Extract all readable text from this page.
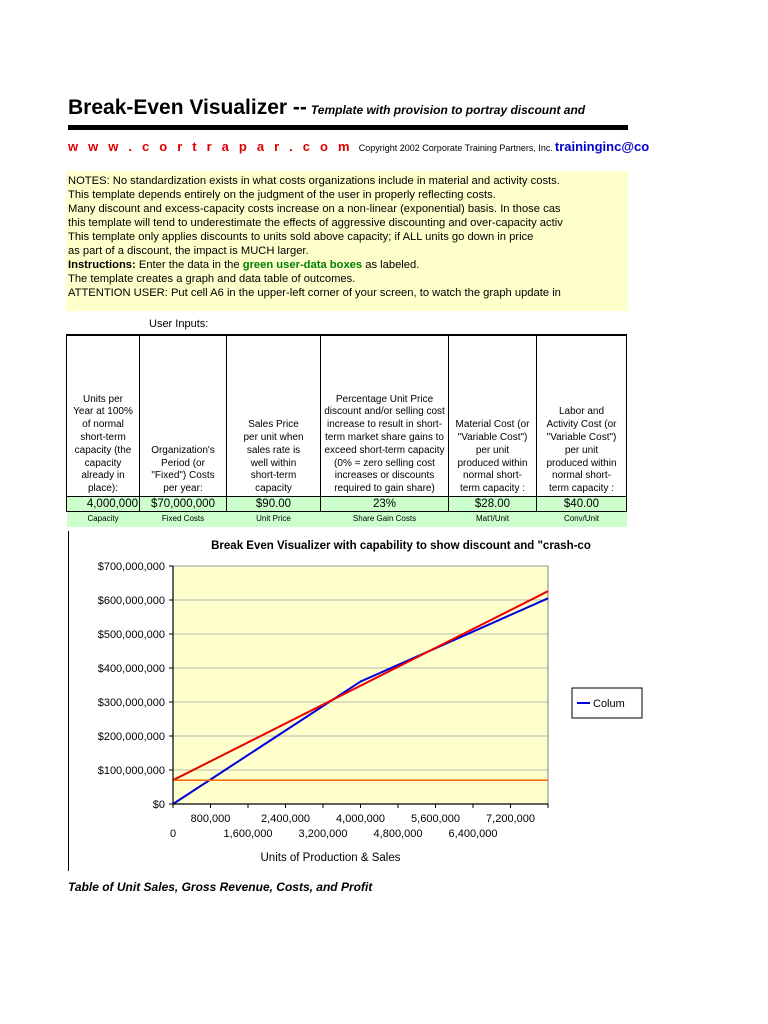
Break-Even Visualizer -- Template with provision to portray discount and
w w w . c o r t r a p a r . c o m Copyright 2002 Corporate Training Partners, Inc. traininginc@co
NOTES: No standardization exists in what costs organizations include in material and activity costs.
This template depends entirely on the judgment of the user in properly reflecting costs.
Many discount and excess-capacity costs increase on a non-linear (exponential) basis. In those cas
this template will tend to underestimate the effects of aggressive discounting and over-capacity activ
This template only applies discounts to units sold above capacity; if ALL units go down in price
as part of a discount, the impact is MUCH larger.
Instructions: Enter the data in the green user-data boxes as labeled.
The template creates a graph and data table of outcomes.
ATTENTION USER: Put cell A6 in the upper-left corner of your screen, to watch the graph update in
User Inputs:
Units per Year at 100% of normal short-term capacity (the capacity already in place):	Organization's Period (or "Fixed") Costs per year:	Sales Price per unit when sales rate is well within short-term capacity	Percentage Unit Price discount and/or selling cost increase to result in short-term market share gains to exceed short-term capacity (0% = zero selling cost increases or discounts required to gain share)	Material Cost (or "Variable Cost") per unit produced within normal short-term capacity :	Labor and Activity Cost (or "Variable Cost") per unit produced within normal short-term capacity :
4,000,000	$70,000,000	$90.00	23%	$28.00	$40.00
Capacity	Fixed Costs	Unit Price	Share Gain Costs	Mat'l/Unit	Conv/Unit
Break Even Visualizer with capability to show discount and "crash-co
$0
$100,000,000
$200,000,000
$300,000,000
$400,000,000
$500,000,000
$600,000,000
$700,000,000
800,000	2,400,000 4,000,000 5,600,000 7,200,000
0	1,600,000 3,200,000 4,800,000 6,400,000
Units of Production & Sales
Colum
Table of Unit Sales, Gross Revenue, Costs, and Profit
